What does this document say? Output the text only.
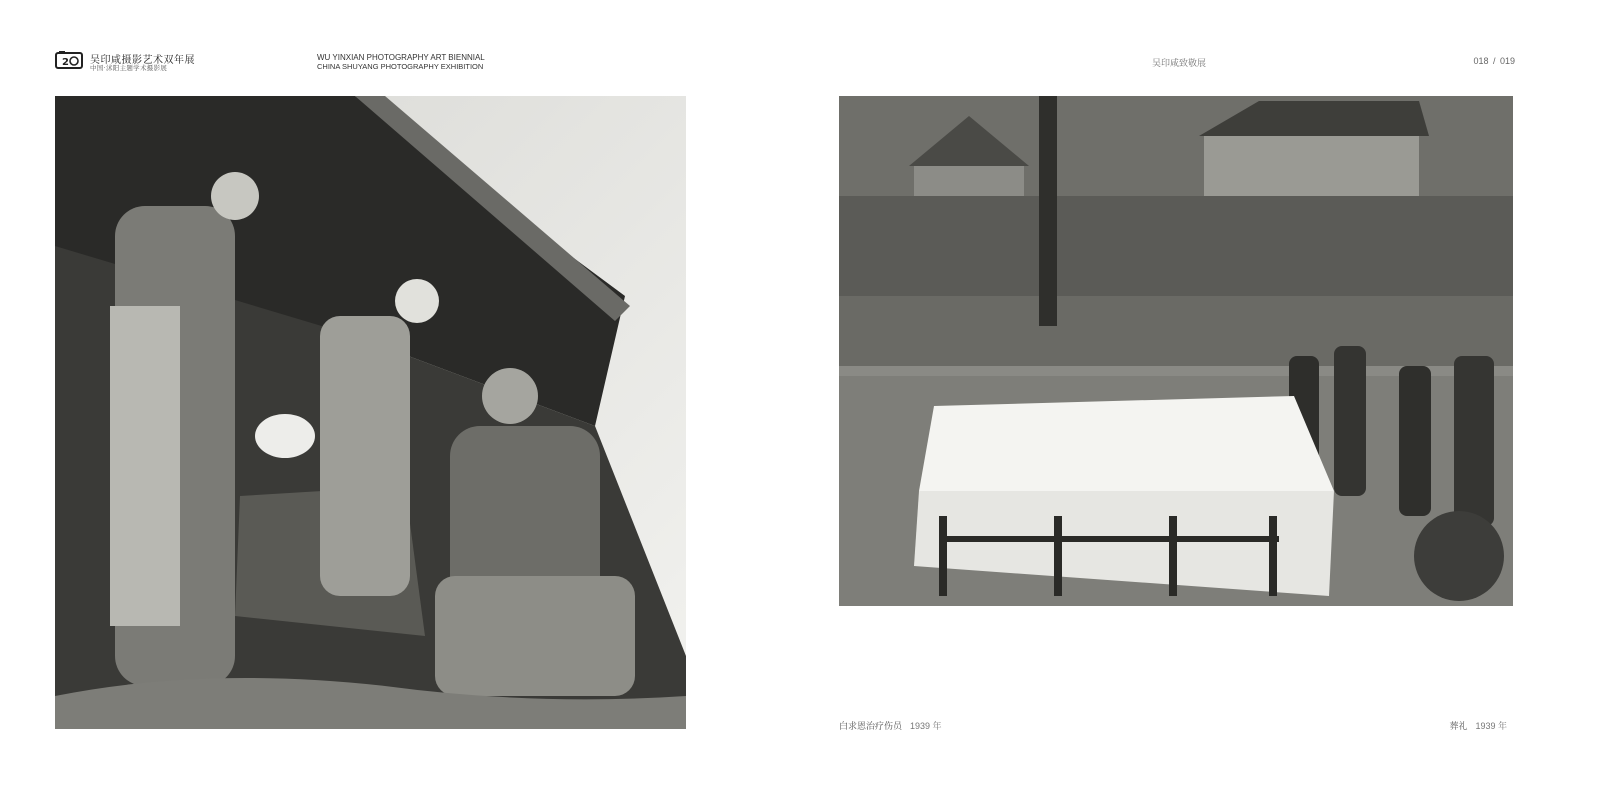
2 吴印咸摄影艺术双年展
中国·沭阳主题学术摄影展
WU YINXIAN PHOTOGRAPHY ART BIENNIAL
CHINA SHUYANG PHOTOGRAPHY EXHIBITION	吴印咸致敬展	018 / 019
白求恩治疗伤员 1939 年	葬礼 1939 年
